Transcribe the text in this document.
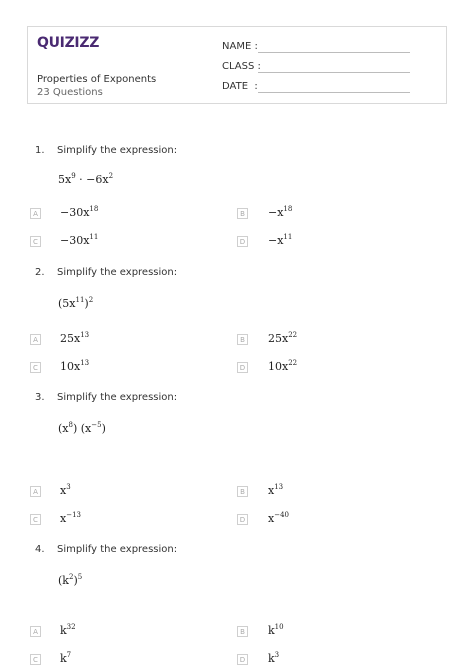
QUIZIZZ
Properties of Exponents
23 Questions
NAME :
CLASS :
DATE  :
1. Simplify the expression:
$5x^9 \cdot -6x^2$
$A -30x^{18}$
$B -x^{18}$
$C -30x^{11}$
$D -x^{11}$
2. Simplify the expression:
$(5x^{11})^2$
A $25x^{13}$
B $25x^{22}$
C $10x^{13}$
D $10x^{22}$
3. Simplify the expression:
$(x^8)$ $(x^{-5})$
A $x^3$
B $x^{13}$
C $x^{-13}$
D $x^{-40}$
4. Simplify the expression:
$(k^2)^5$
A $k^{32}$
B $k^{10}$
C $k^7$
D $k^3$
